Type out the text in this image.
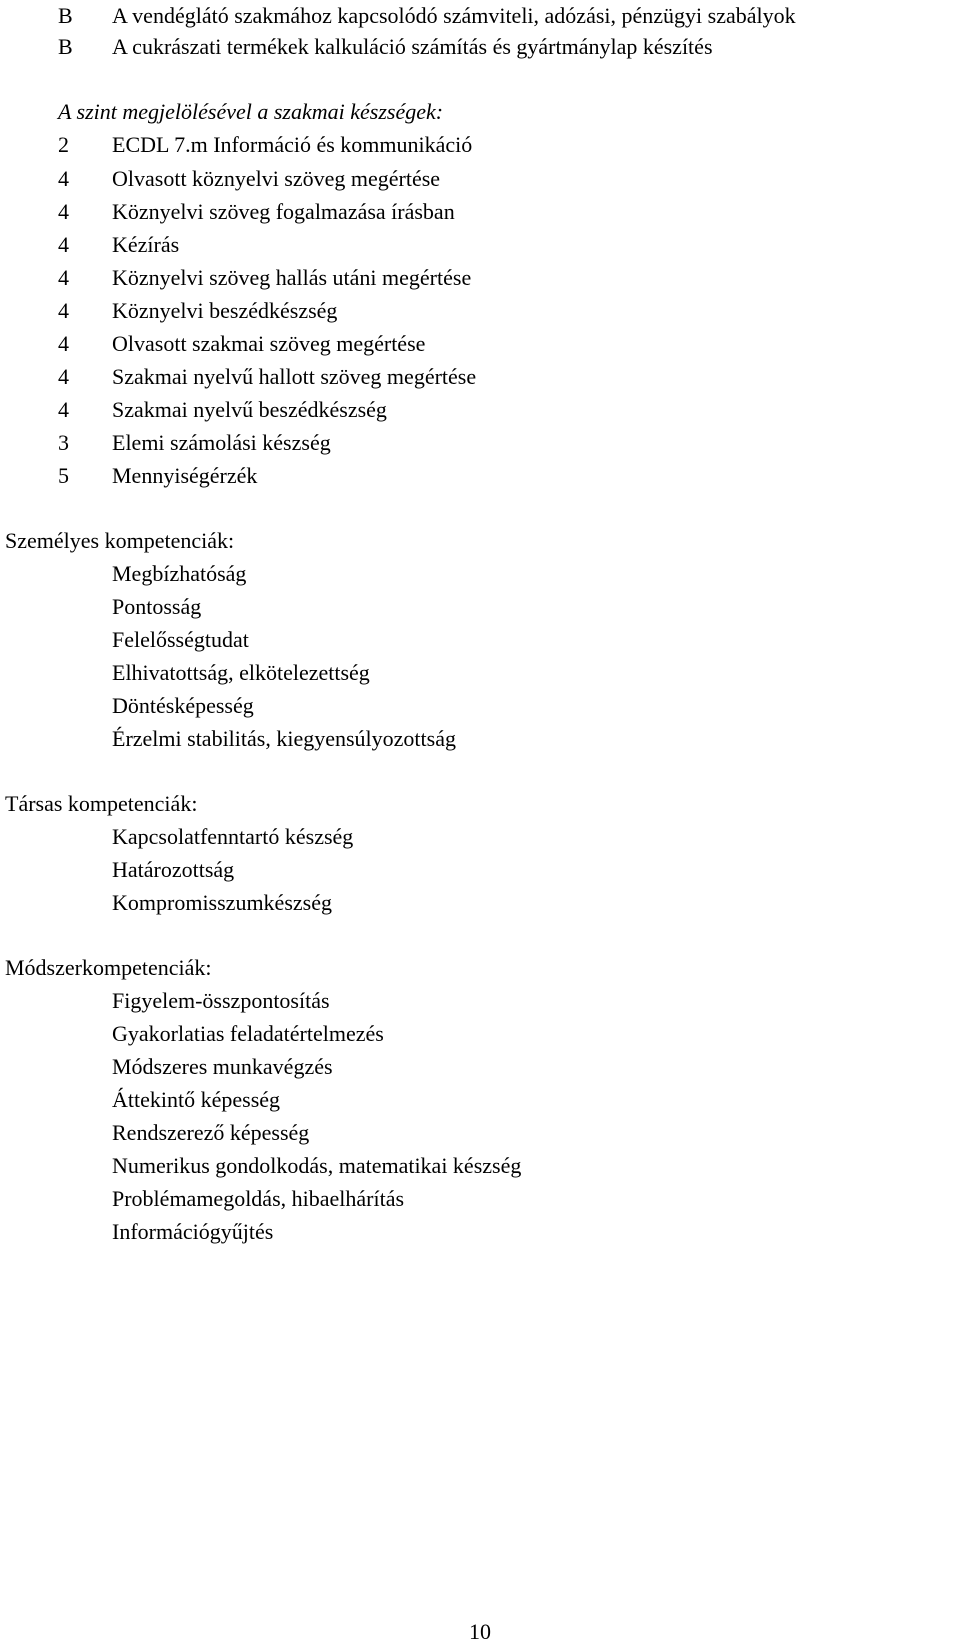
B	A vendéglátó szakmához kapcsolódó számviteli, adózási, pénzügyi szabályok
B	A cukrászati termékek kalkuláció számítás és gyártmánylap készítés
A szint megjelölésével a szakmai készségek:
2	ECDL 7.m Információ és kommunikáció
4	Olvasott köznyelvi szöveg megértése
4	Köznyelvi szöveg fogalmazása írásban
4	Kézírás
4	Köznyelvi szöveg hallás utáni megértése
4	Köznyelvi beszédkészség
4	Olvasott szakmai szöveg megértése
4	Szakmai nyelvű hallott szöveg megértése
4	Szakmai nyelvű beszédkészség
3	Elemi számolási készség
5	Mennyiségérzék
Személyes kompetenciák:
Megbízhatóság
Pontosság
Felelősségtudat
Elhivatottság, elkötelezettség
Döntésképesség
Érzelmi stabilitás, kiegyensúlyozottság
Társas kompetenciák:
Kapcsolatfenntartó készség
Határozottság
Kompromisszumkészség
Módszerkompetenciák:
Figyelem-összpontosítás
Gyakorlatias feladatértelmezés
Módszeres munkavégzés
Áttekintő képesség
Rendszerező képesség
Numerikus gondolkodás, matematikai készség
Problémamegoldás, hibaelhárítás
Információgyűjtés
10
